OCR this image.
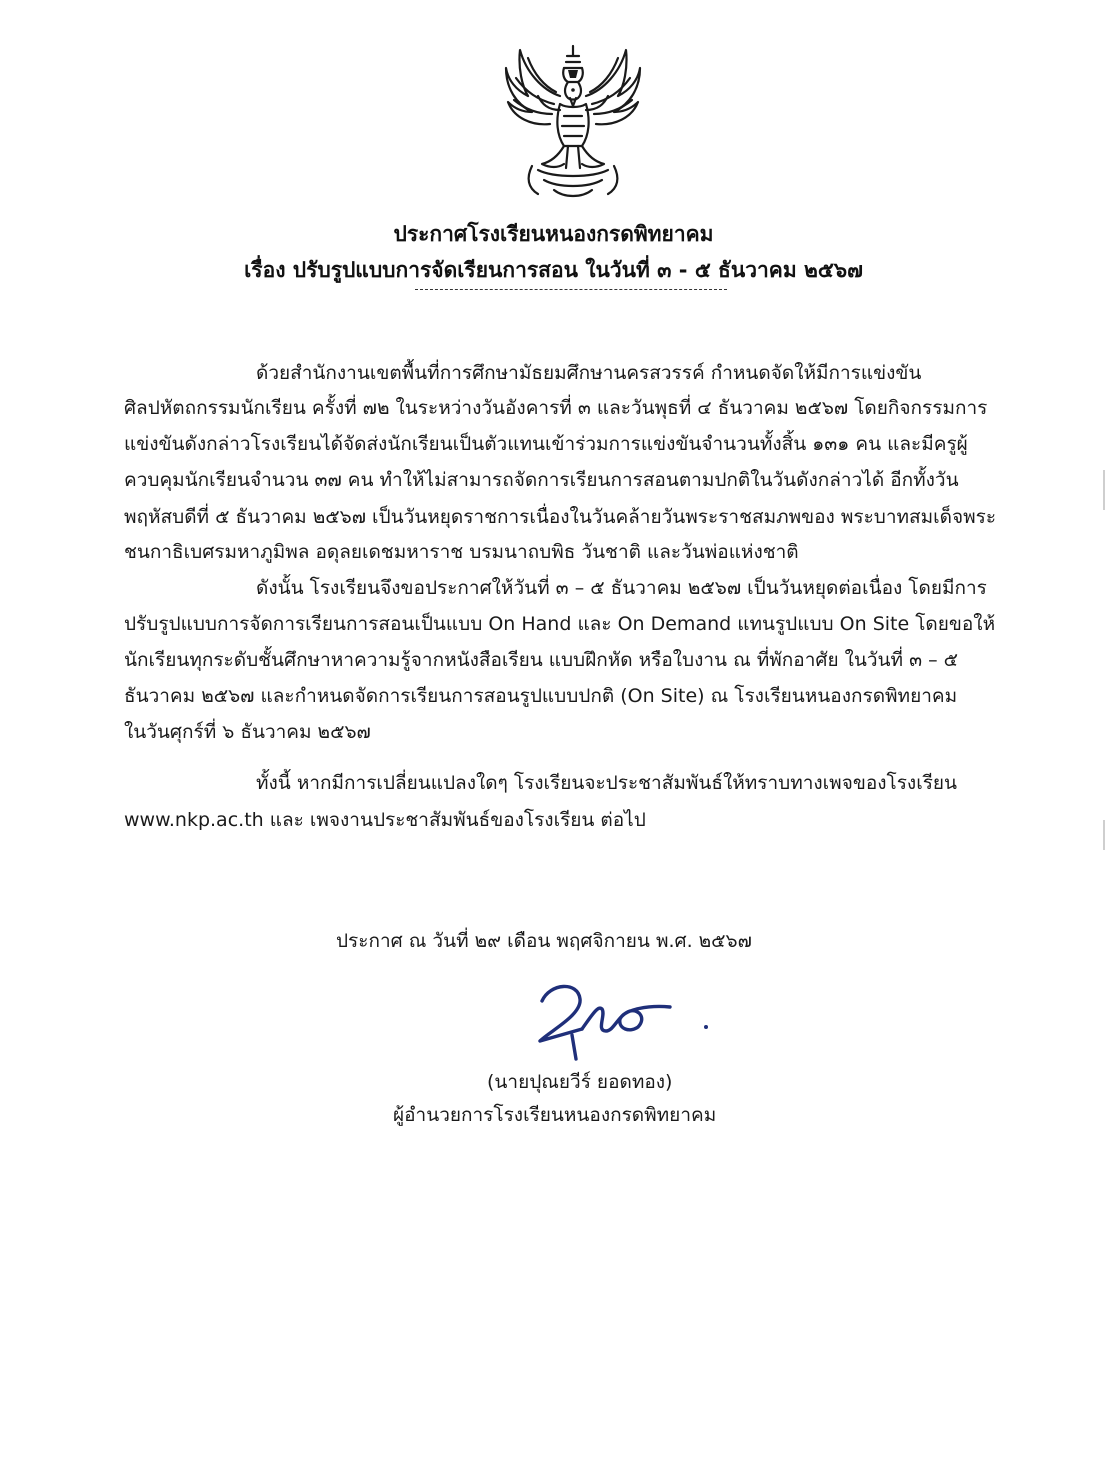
ประกาศโรงเรียนหนองกรดพิทยาคม
เรื่อง ปรับรูปแบบการจัดเรียนการสอน ในวันที่ ๓ - ๕ ธันวาคม ๒๕๖๗
ด้วยสำนักงานเขตพื้นที่การศึกษามัธยมศึกษานครสวรรค์ กำหนดจัดให้มีการแข่งขัน
ศิลปหัตถกรรมนักเรียน ครั้งที่ ๗๒ ในระหว่างวันอังคารที่ ๓ และวันพุธที่ ๔ ธันวาคม ๒๕๖๗ โดยกิจกรรมการ
แข่งขันดังกล่าวโรงเรียนได้จัดส่งนักเรียนเป็นตัวแทนเข้าร่วมการแข่งขันจำนวนทั้งสิ้น ๑๓๑ คน และมีครูผู้
ควบคุมนักเรียนจำนวน ๓๗ คน ทำให้ไม่สามารถจัดการเรียนการสอนตามปกติในวันดังกล่าวได้ อีกทั้งวัน
พฤหัสบดีที่ ๕ ธันวาคม ๒๕๖๗ เป็นวันหยุดราชการเนื่องในวันคล้ายวันพระราชสมภพของ พระบาทสมเด็จพระ
ชนกาธิเบศรมหาภูมิพล อดุลยเดชมหาราช บรมนาถบพิธ วันชาติ และวันพ่อแห่งชาติ
ดังนั้น โรงเรียนจึงขอประกาศให้วันที่ ๓ – ๕ ธันวาคม ๒๕๖๗ เป็นวันหยุดต่อเนื่อง โดยมีการ
ปรับรูปแบบการจัดการเรียนการสอนเป็นแบบ On Hand และ On Demand แทนรูปแบบ On Site โดยขอให้
นักเรียนทุกระดับชั้นศึกษาหาความรู้จากหนังสือเรียน แบบฝึกหัด หรือใบงาน ณ ที่พักอาศัย ในวันที่ ๓ – ๕
ธันวาคม ๒๕๖๗ และกำหนดจัดการเรียนการสอนรูปแบบปกติ (On Site) ณ โรงเรียนหนองกรดพิทยาคม
ในวันศุกร์ที่ ๖ ธันวาคม ๒๕๖๗
ทั้งนี้ หากมีการเปลี่ยนแปลงใดๆ โรงเรียนจะประชาสัมพันธ์ให้ทราบทางเพจของโรงเรียน
www.nkp.ac.th และ เพจงานประชาสัมพันธ์ของโรงเรียน ต่อไป
ประกาศ ณ วันที่ ๒๙ เดือน พฤศจิกายน พ.ศ. ๒๕๖๗
(นายปุณยวีร์ ยอดทอง)
ผู้อำนวยการโรงเรียนหนองกรดพิทยาคม
